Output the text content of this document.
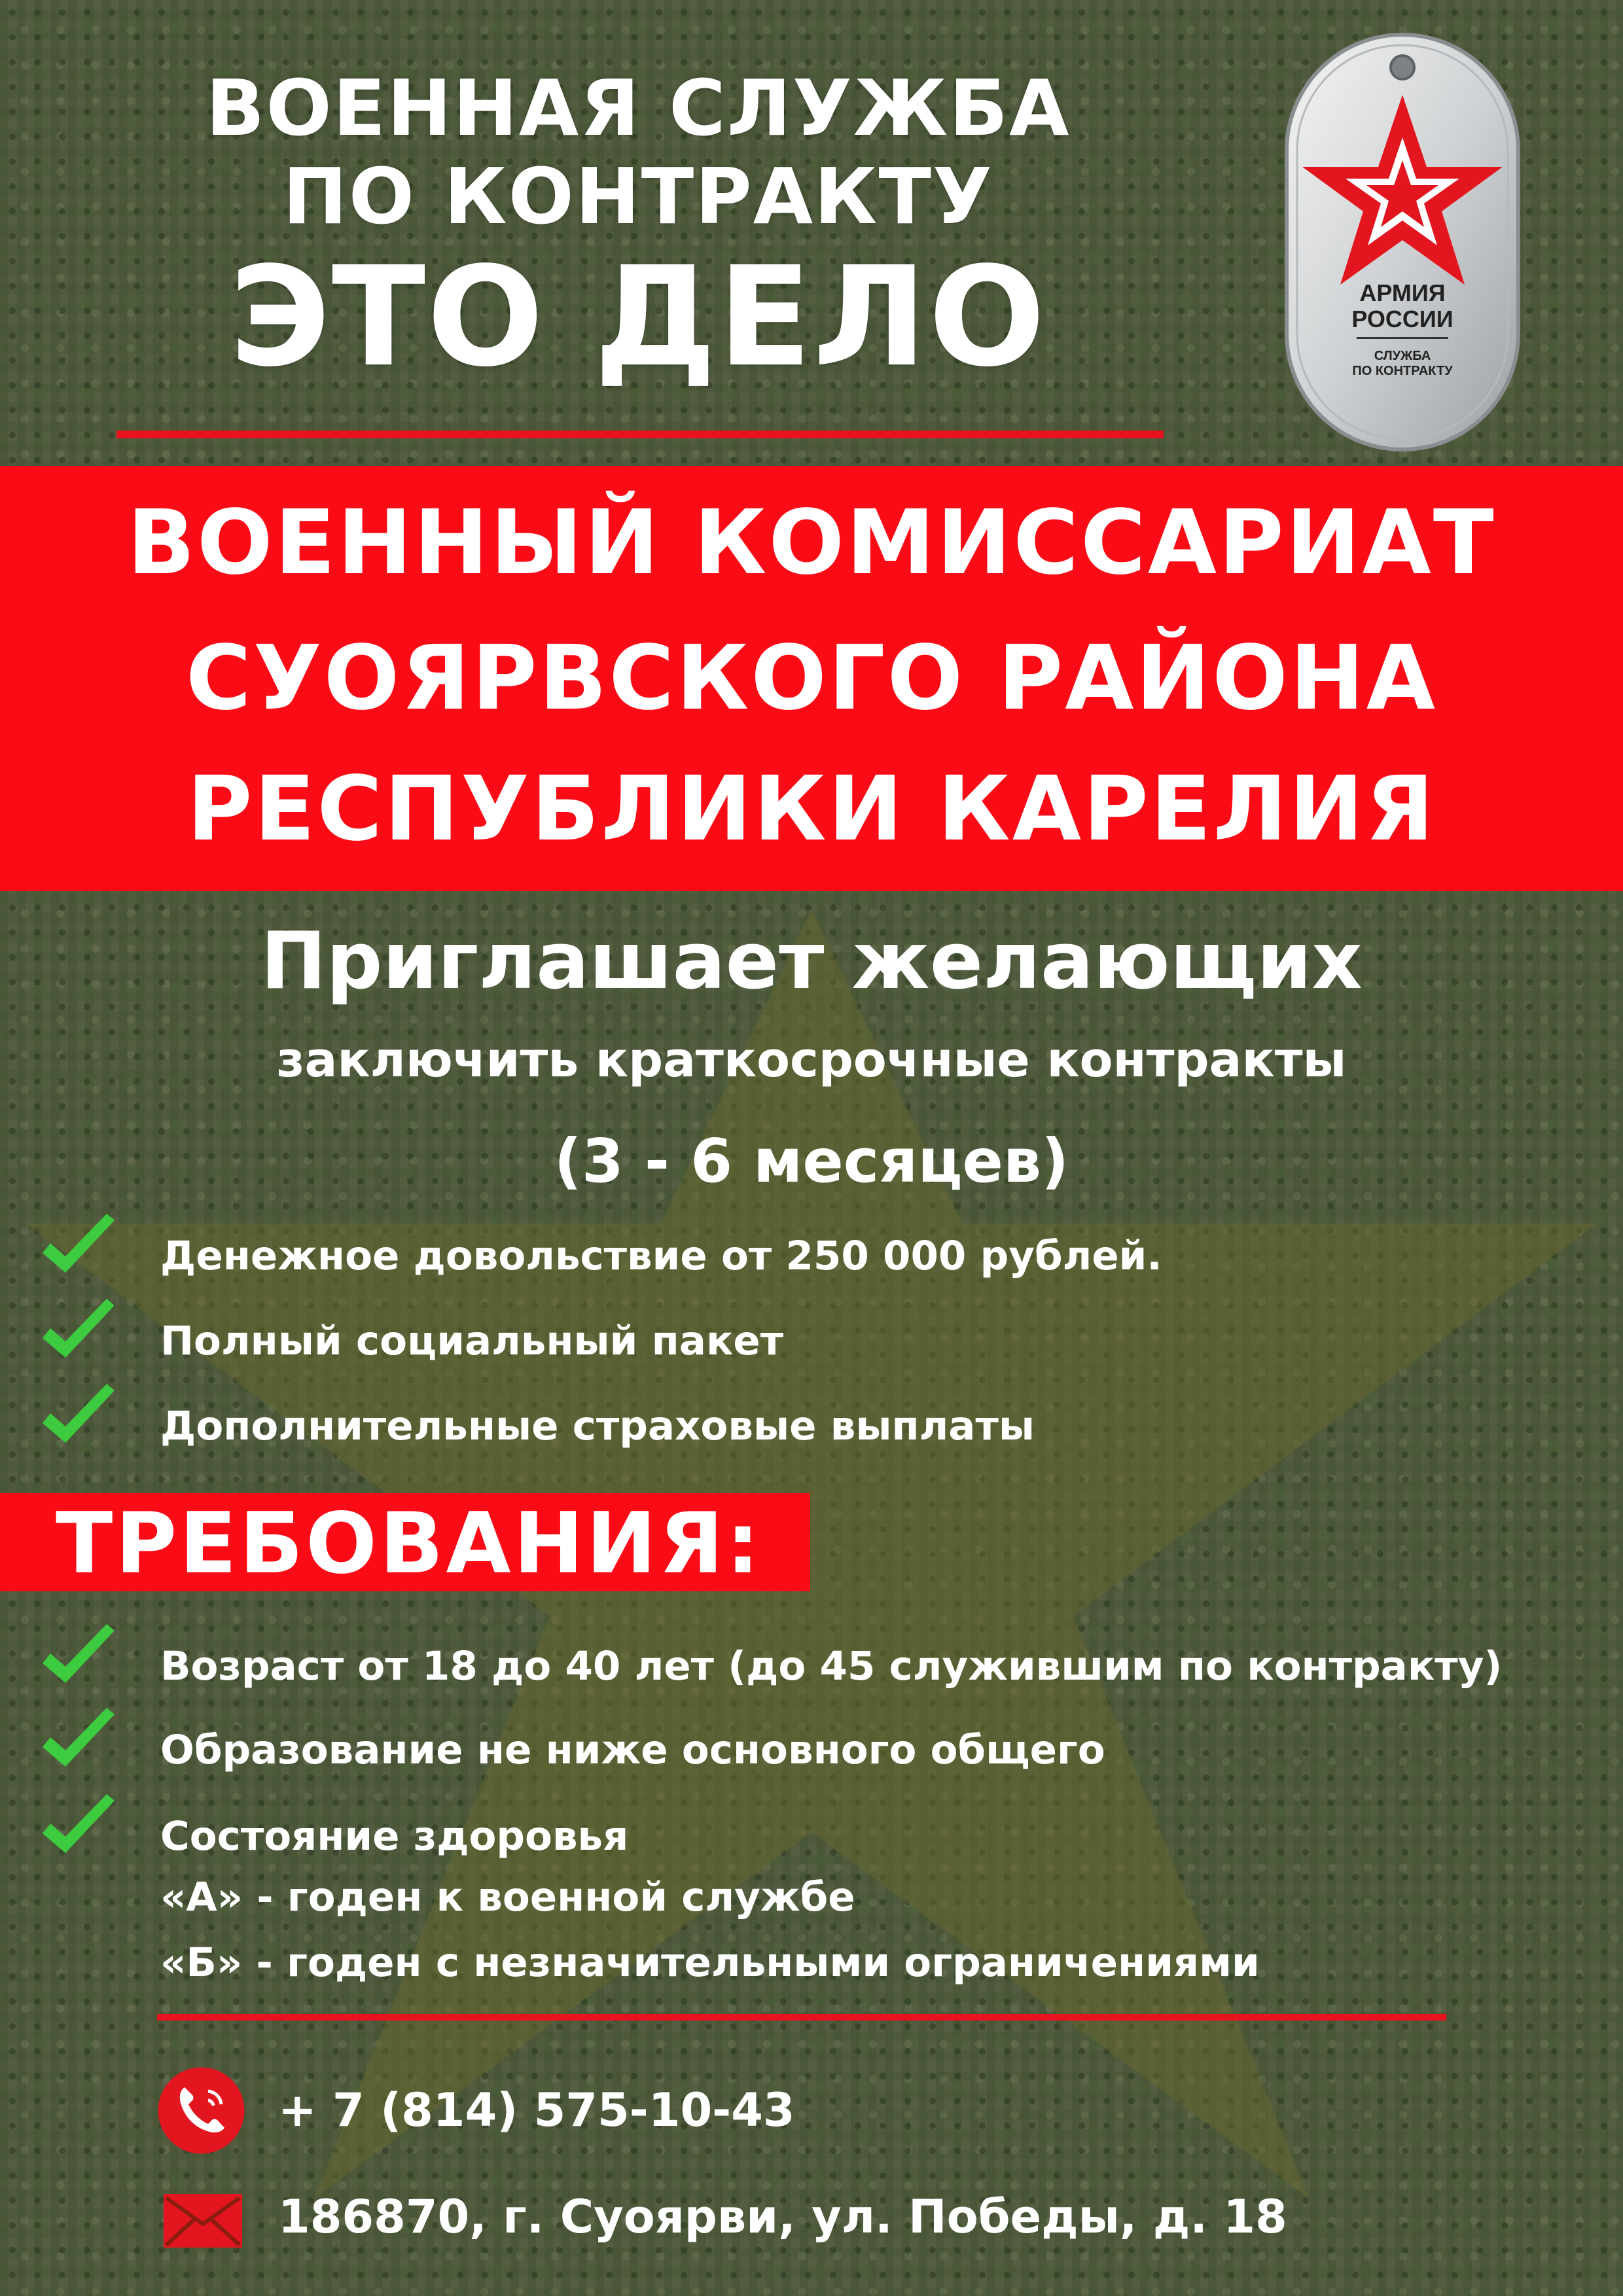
ВОЕННАЯ СЛУЖБА
ПО КОНТРАКТУ
ЭТО ДЕЛО	АРМИЯ
РОССИИ
СЛУЖБА
ПО КОНТРАКТУ
ВОЕННЫЙ КОМИССАРИАТ
СУОЯРВСКОГО РАЙОНА
РЕСПУБЛИКИ КАРЕЛИЯ
Приглашает желающих
заключить краткосрочные контракты
(3 - 6 месяцев)
Денежное довольствие от 250 000 рублей.
Полный социальный пакет
Дополнительные страховые выплаты
ТРЕБОВАНИЯ:
Возраст от 18 до 40 лет (до 45 служившим по контракту)
Образование не ниже основного общего
Состояние здоровья
«А» - годен к военной службе
«Б» - годен с незначительными ограничениями
+ 7 (814) 575-10-43
186870, г. Суоярви, ул. Победы, д. 18
